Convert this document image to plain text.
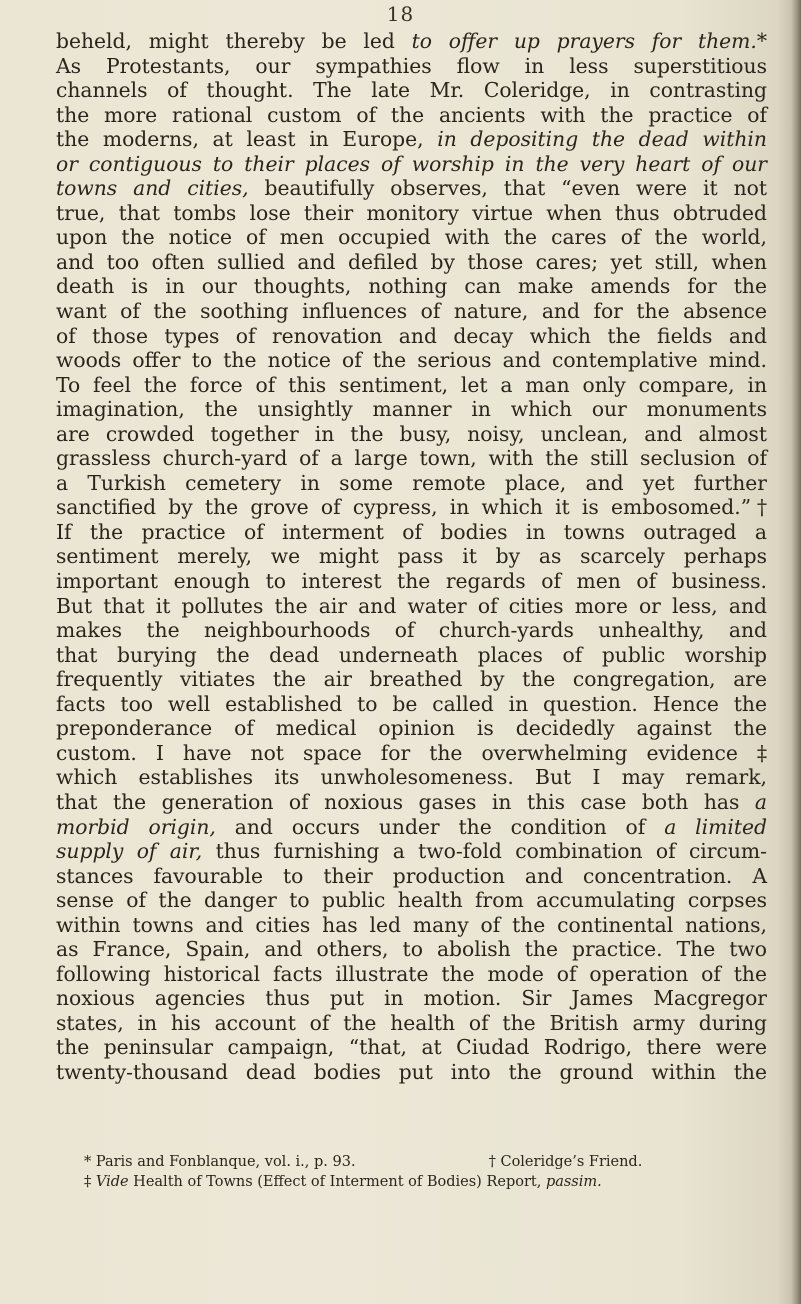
18
beheld, might thereby be led to offer up prayers for them.*
As Protestants, our sympathies flow in less superstitious
channels of thought. The late Mr. Coleridge, in contrasting
the more rational custom of the ancients with the practice of
the moderns, at least in Europe, in depositing the dead within
or contiguous to their places of worship in the very heart of our
towns and cities, beautifully observes, that “even were it not
true, that tombs lose their monitory virtue when thus obtruded
upon the notice of men occupied with the cares of the world,
and too often sullied and defiled by those cares; yet still, when
death is in our thoughts, nothing can make amends for the
want of the soothing influences of nature, and for the absence
of those types of renovation and decay which the fields and
woods offer to the notice of the serious and contemplative mind.
To feel the force of this sentiment, let a man only compare, in
imagination, the unsightly manner in which our monuments
are crowded together in the busy, noisy, unclean, and almost
grassless church-yard of a large town, with the still seclusion of
a Turkish cemetery in some remote place, and yet further
sanctified by the grove of cypress, in which it is embosomed.”†
If the practice of interment of bodies in towns outraged a
sentiment merely, we might pass it by as scarcely perhaps
important enough to interest the regards of men of business.
But that it pollutes the air and water of cities more or less, and
makes the neighbourhoods of church-yards unhealthy, and
that burying the dead underneath places of public worship
frequently vitiates the air breathed by the congregation, are
facts too well established to be called in question. Hence the
preponderance of medical opinion is decidedly against the
custom. I have not space for the overwhelming evidence ‡
which establishes its unwholesomeness. But I may remark,
that the generation of noxious gases in this case both has a
morbid origin, and occurs under the condition of a limited
supply of air, thus furnishing a two-fold combination of circum-
stances favourable to their production and concentration. A
sense of the danger to public health from accumulating corpses
within towns and cities has led many of the continental nations,
as France, Spain, and others, to abolish the practice. The two
following historical facts illustrate the mode of operation of the
noxious agencies thus put in motion. Sir James Macgregor
states, in his account of the health of the British army during
the peninsular campaign, “that, at Ciudad Rodrigo, there were
twenty-thousand dead bodies put into the ground within the
* Paris and Fonblanque, vol. i., p. 93.	† Coleridge’s Friend.
‡ Vide Health of Towns (Effect of Interment of Bodies) Report, passim.
